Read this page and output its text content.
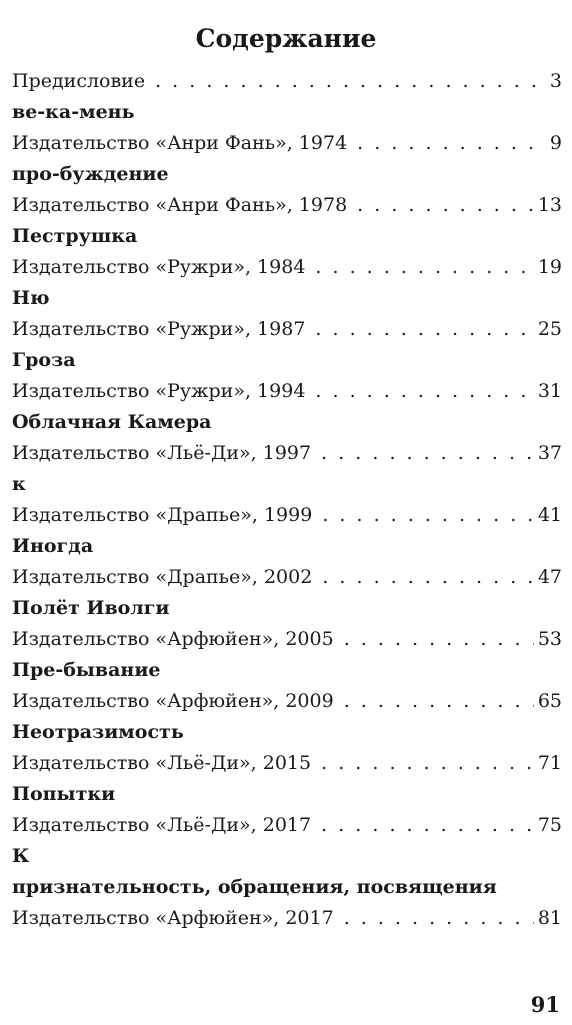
Содержание
Предисловие . . .	3
ве-ка-мень
Издательство «Анри Фань», 1974 . . .	9
про-буждение
Издательство «Анри Фань», 1978 . . .	13
Пеструшка
Издательство «Ружри», 1984 . . .	19
Ню
Издательство «Ружри», 1987 . . .	25
Гроза
Издательство «Ружри», 1994 . . .	31
Облачная Камера
Издательство «Льё-Ди», 1997 . . .	37
к
Издательство «Драпье», 1999 . . .	41
Иногда
Издательство «Драпье», 2002 . . .	47
Полёт Иволги
Издательство «Арфюйен», 2005 . . .	53
Пре-бывание
Издательство «Арфюйен», 2009 . . .	65
Неотразимость
Издательство «Льё-Ди», 2015 . . .	71
Попытки
Издательство «Льё-Ди», 2017 . . .	75
К
признательность, обращения, посвящения
Издательство «Арфюйен», 2017 . . .	81
91
